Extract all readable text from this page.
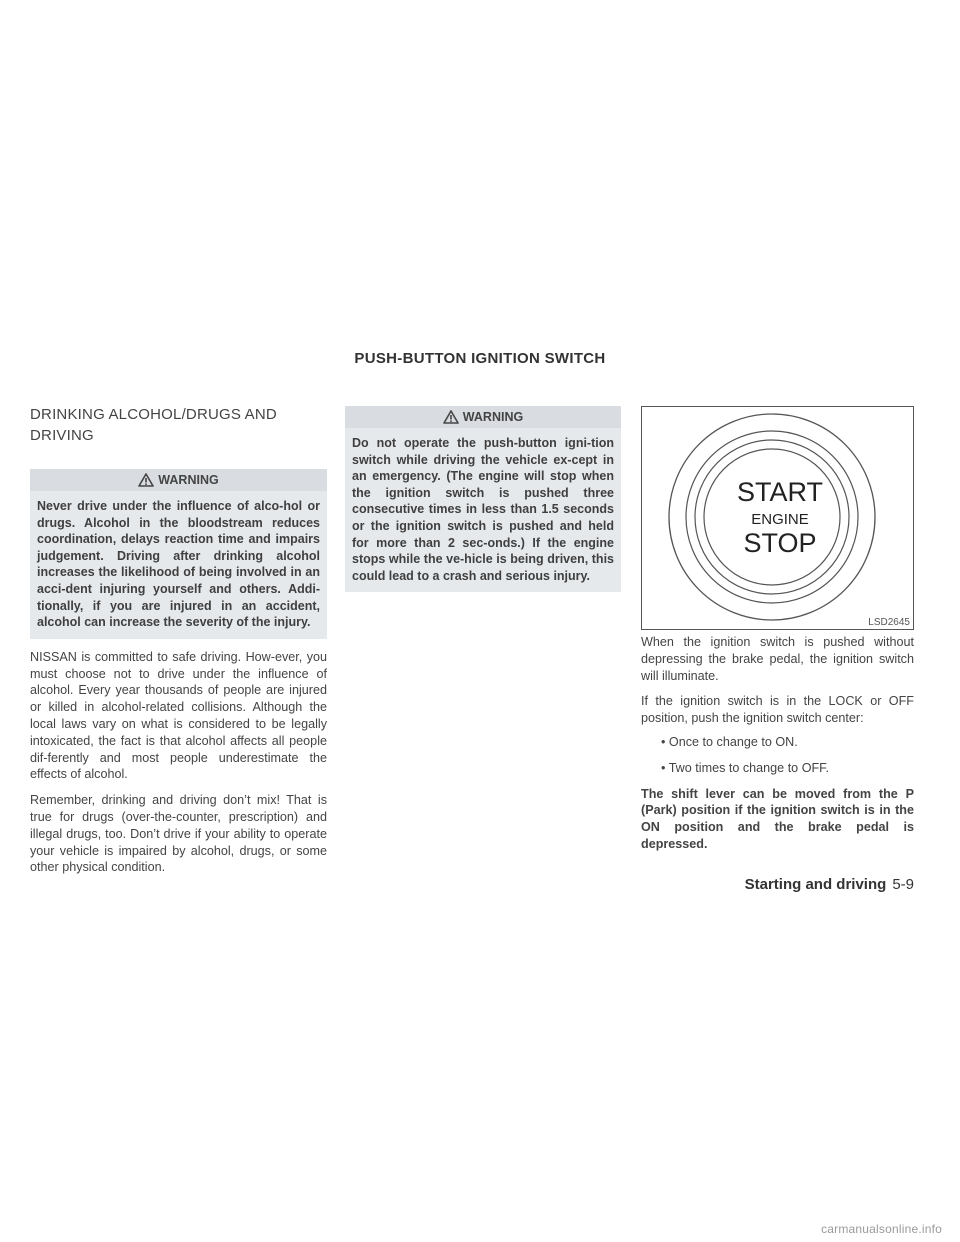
PUSH-BUTTON IGNITION SWITCH
DRINKING ALCOHOL/DRUGS AND DRIVING
WARNING
Never drive under the influence of alco-hol or drugs. Alcohol in the bloodstream reduces coordination, delays reaction time and impairs judgement. Driving after drinking alcohol increases the likelihood of being involved in an acci-dent injuring yourself and others. Addi-tionally, if you are injured in an accident, alcohol can increase the severity of the injury.

NISSAN is committed to safe driving. How-ever, you must choose not to drive under the influence of alcohol. Every year thousands of people are injured or killed in alcohol-related collisions. Although the local laws vary on what is considered to be legally intoxicated, the fact is that alcohol affects all people dif-ferently and most people underestimate the effects of alcohol.

Remember, drinking and driving don’t mix! That is true for drugs (over-the-counter, prescription) and illegal drugs, too. Don’t drive if your ability to operate your vehicle is impaired by alcohol, drugs, or some other physical condition.

WARNING
Do not operate the push-button igni-tion switch while driving the vehicle ex-cept in an emergency. (The engine will stop when the ignition switch is pushed three consecutive times in less than 1.5 seconds or the ignition switch is pushed and held for more than 2 sec-onds.) If the engine stops while the ve-hicle is being driven, this could lead to a crash and serious injury.
START
ENGINE
STOP
LSD2645

When the ignition switch is pushed without depressing the brake pedal, the ignition switch will illuminate.

If the ignition switch is in the LOCK or OFF position, push the ignition switch center:

• Once to change to ON.
• Two times to change to OFF.

The shift lever can be moved from the P (Park) position if the ignition switch is in the ON position and the brake pedal is depressed.

Starting and driving 5-9
carmanualsonline.info
